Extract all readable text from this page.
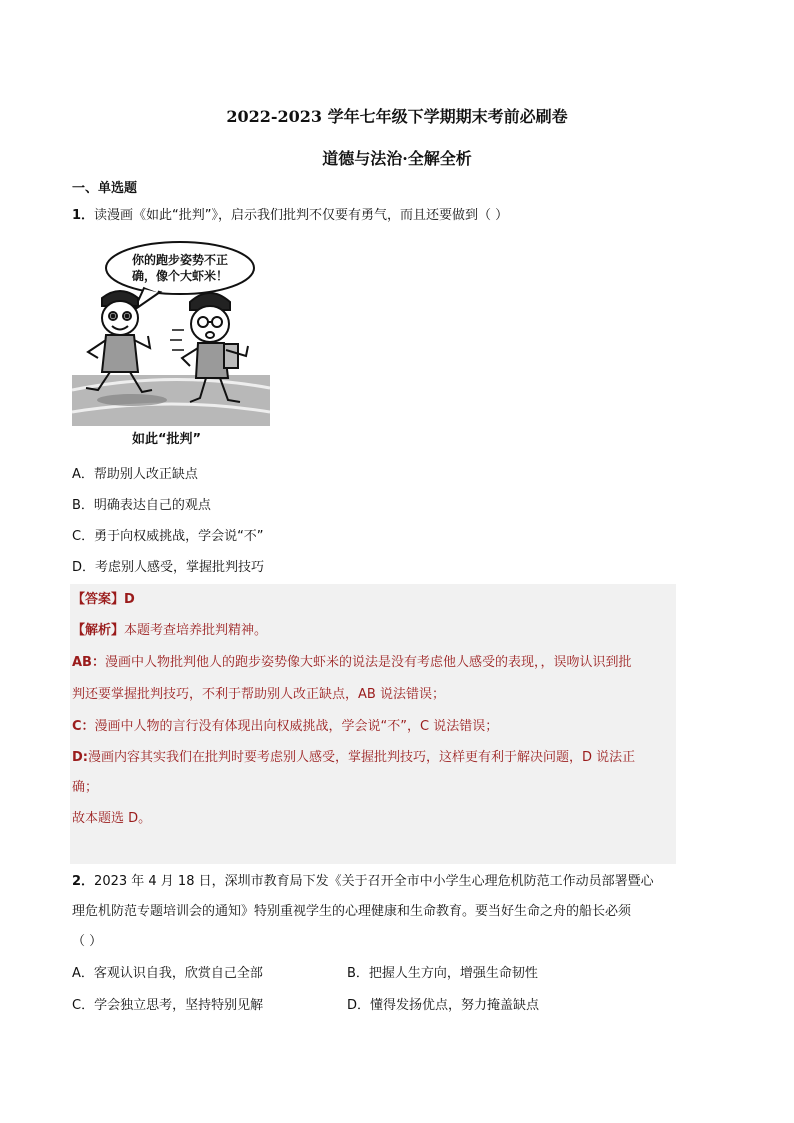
2022-2023 学年七年级下学期期末考前必刷卷
道德与法治·全解全析
一、单选题
1．读漫画《如此“批判”》，启示我们批判不仅要有勇气，而且还要做到（ ）
你的跑步姿势不正
确，像个大虾米！
如此“批判”
A．帮助别人改正缺点
B．明确表达自己的观点
C．勇于向权威挑战，学会说“不”
D．考虑别人感受，掌握批判技巧
【答案】D
【解析】本题考查培养批判精神。
AB：漫画中人物批判他人的跑步姿势像大虾米的说法是没有考虑他人感受的表现，，误吻认识到批
判还要掌握批判技巧，不利于帮助别人改正缺点，AB 说法错误；
C：漫画中人物的言行没有体现出向权威挑战，学会说“不”，C 说法错误；
D:漫画内容其实我们在批判时要考虑别人感受，掌握批判技巧，这样更有利于解决问题，D 说法正
确；
故本题选 D。
2．2023 年 4 月 18 日，深圳市教育局下发《关于召开全市中小学生心理危机防范工作动员部署暨心
理危机防范专题培训会的通知》特别重视学生的心理健康和生命教育。要当好生命之舟的船长必须
（ ）
A．客观认识自我，欣赏自己全部	B．把握人生方向，增强生命韧性
C．学会独立思考，坚持特别见解	D．懂得发扬优点，努力掩盖缺点
